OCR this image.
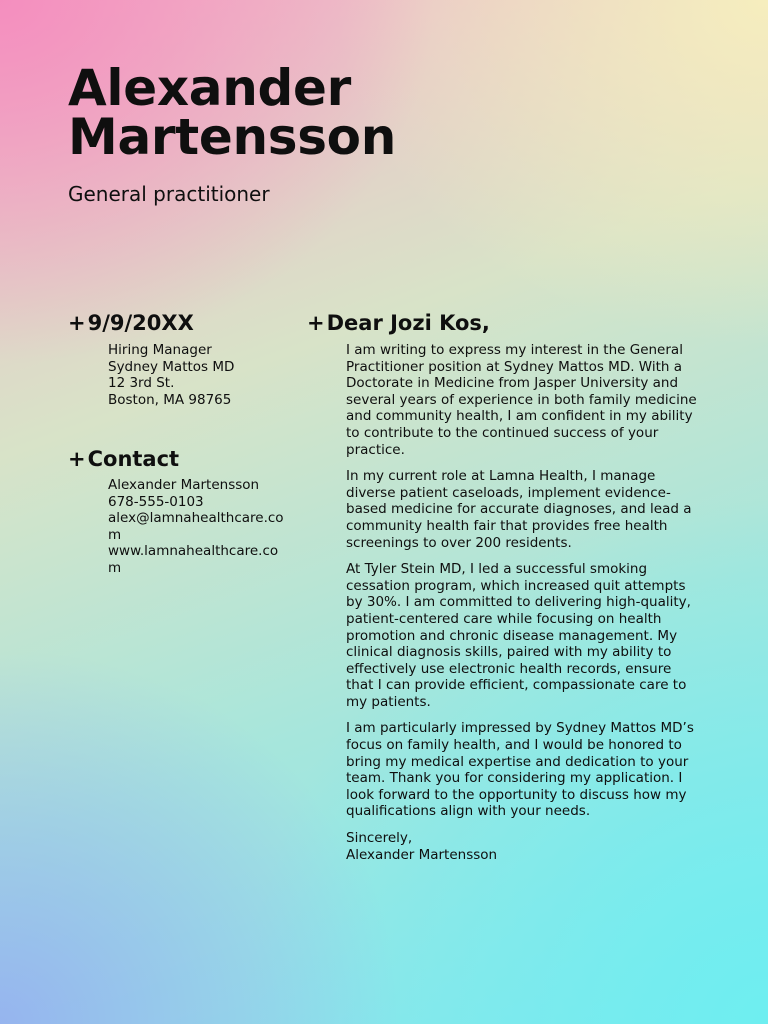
Alexander
Martensson
General practitioner
+9/9/20XX
Hiring Manager
Sydney Mattos MD
12 3rd St.
Boston, MA 98765
+Contact
Alexander Martensson
678-555-0103
alex@lamnahealthcare.com
www.lamnahealthcare.com
+Dear Jozi Kos,

I am writing to express my interest in the General Practitioner position at Sydney Mattos MD. With a Doctorate in Medicine from Jasper University and several years of experience in both family medicine and community health, I am confident in my ability to contribute to the continued success of your practice.

In my current role at Lamna Health, I manage diverse patient caseloads, implement evidence-based medicine for accurate diagnoses, and lead a community health fair that provides free health screenings to over 200 residents.

At Tyler Stein MD, I led a successful smoking cessation program, which increased quit attempts by 30%. I am committed to delivering high-quality, patient-centered care while focusing on health promotion and chronic disease management. My clinical diagnosis skills, paired with my ability to effectively use electronic health records, ensure that I can provide efficient, compassionate care to my patients.

I am particularly impressed by Sydney Mattos MD’s focus on family health, and I would be honored to bring my medical expertise and dedication to your team. Thank you for considering my application. I look forward to the opportunity to discuss how my qualifications align with your needs.

Sincerely,
Alexander Martensson
